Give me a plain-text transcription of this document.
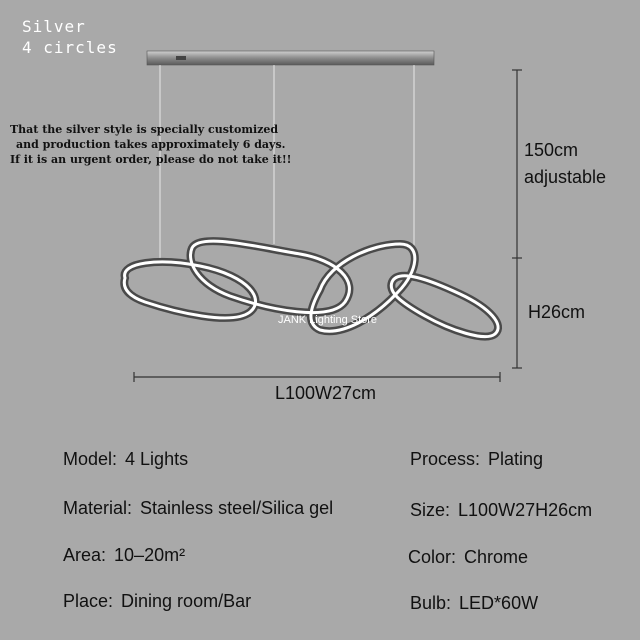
Silver
4 circles
That the silver style is specially customized
and production takes approximately 6 days.
If it is an urgent order, please do not take it!!	150cm
adjustable
H26cm
L100W27cm
JANK Lighting Store
Model: 4 Lights	Process: Plating
Material: Stainless steel/Silica gel	Size: L100W27H26cm
Area: 10–20m²	Color: Chrome
Place: Dining room/Bar	Bulb: LED*60W
